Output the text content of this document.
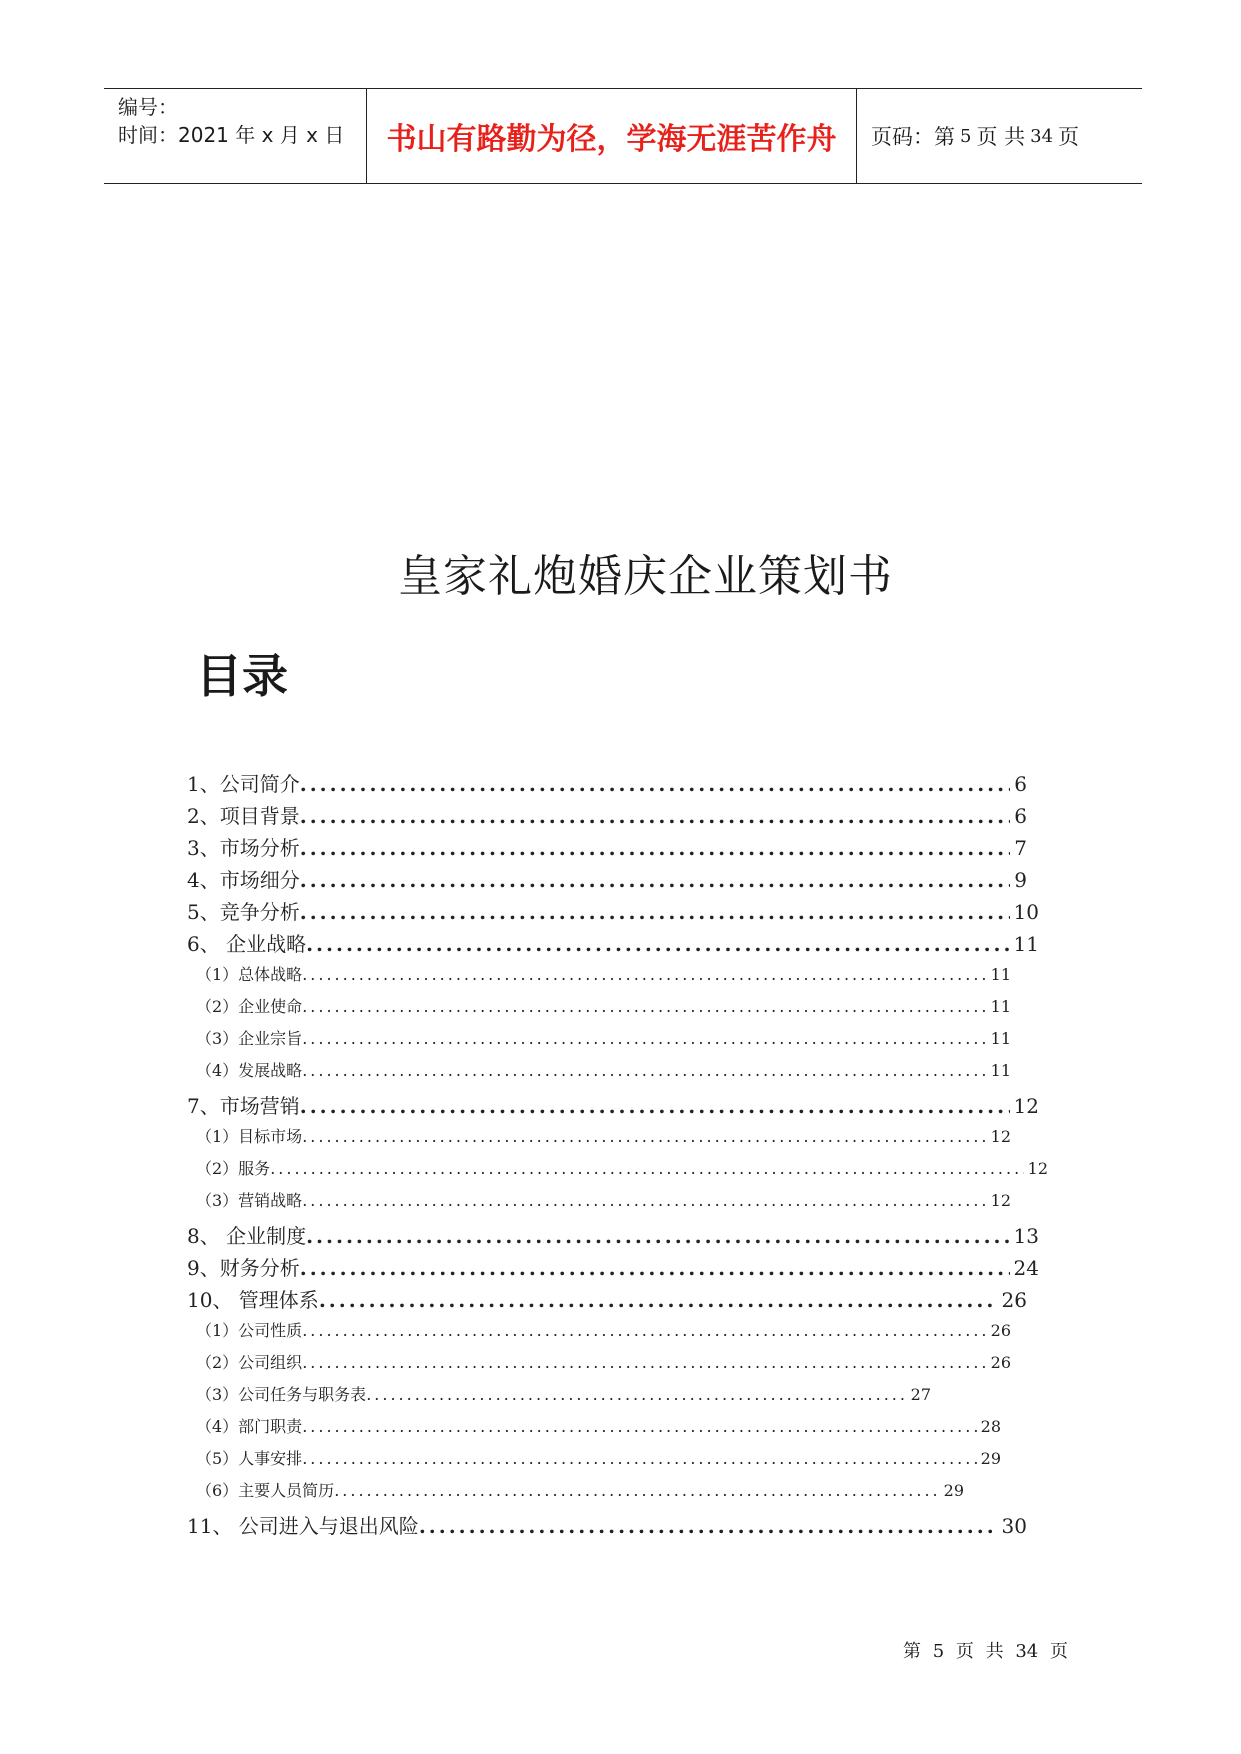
编号：
时间：2021 年 x 月 x 日	书山有路勤为径，学海无涯苦作舟	页码：第 5 页 共 34 页
皇家礼炮婚庆企业策划书
目录
1、公司简介 .....	6
2、项目背景 .....	6
3、市场分析 .....	7
4、市场细分 .....	9
5、竞争分析 .....	10
6、 企业战略 .....	11
（1）总体战略 .....	11
（2）企业使命 .....	11
（3）企业宗旨 .....	11
（4）发展战略 .....	11
7、市场营销 .....	12
（1）目标市场 .....	12
（2）服务 .....	12
（3）营销战略 .....	12
8、 企业制度 .....	13
9、财务分析 .....	24
10、 管理体系 .....	26
（1）公司性质 .....	26
（2）公司组织 .....	26
（3）公司任务与职务表 .....	27
（4）部门职责 .....	28
（5）人事安排 .....	29
（6）主要人员简历 .....	29
11、 公司进入与退出风险 .....	30
第 5 页 共 34 页
